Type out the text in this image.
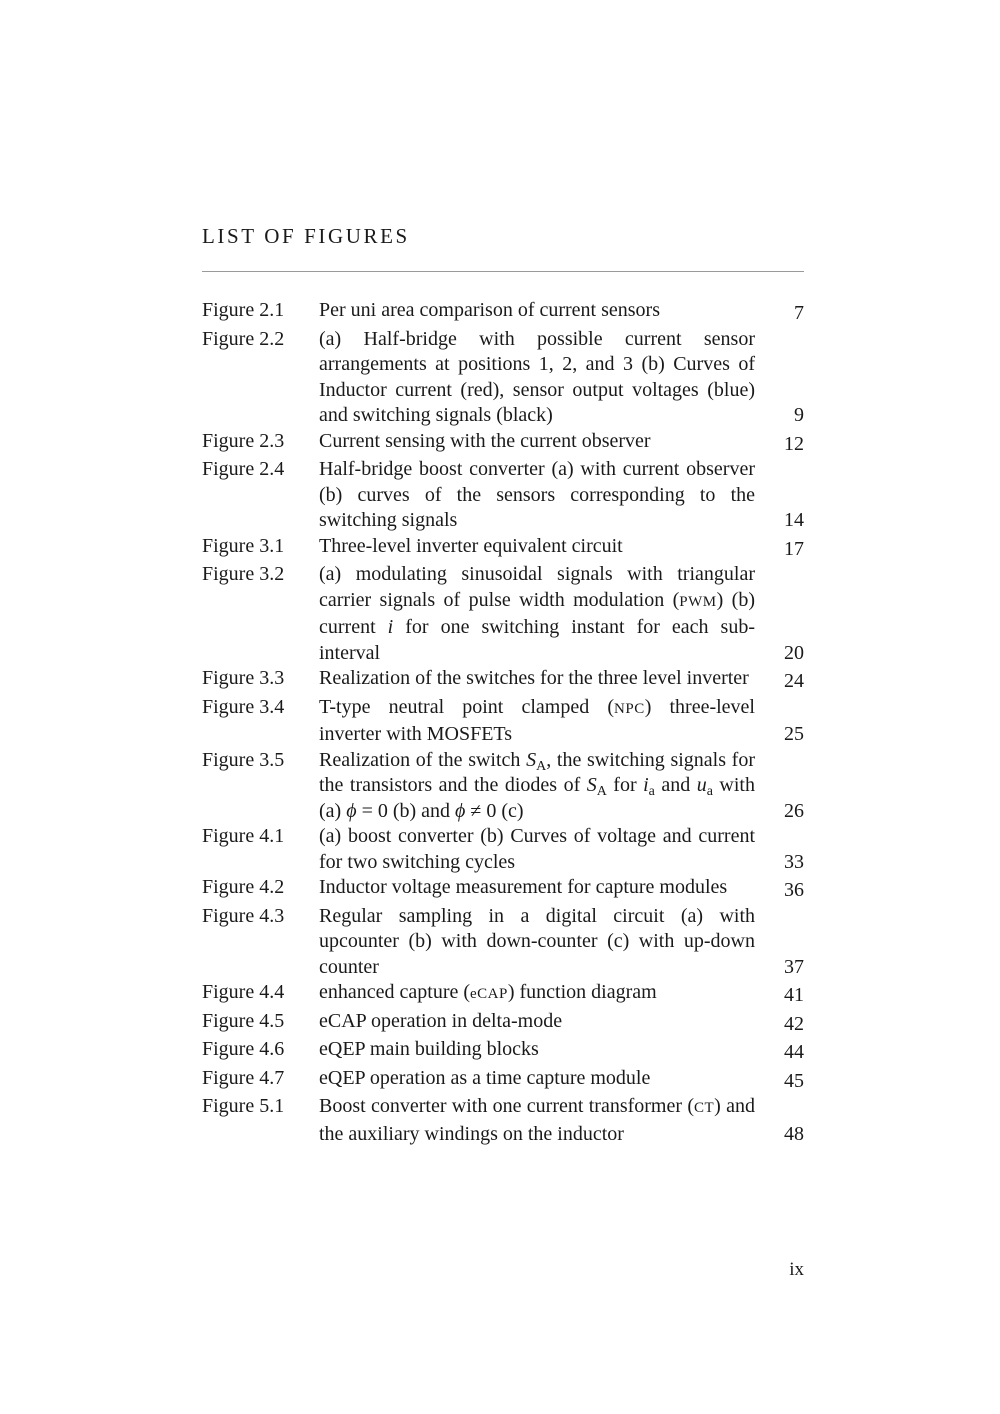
LIST OF FIGURES
Figure 2.1	Per uni area comparison of current sensors	7
Figure 2.2	(a) Half-bridge with possible current sensor arrangements at positions 1, 2, and 3 (b) Curves of Inductor current (red), sensor output voltages (blue) and switching signals (black)	9
Figure 2.3	Current sensing with the current observer	12
Figure 2.4	Half-bridge boost converter (a) with current observer (b) curves of the sensors corresponding to the switching signals	14
Figure 3.1	Three-level inverter equivalent circuit	17
Figure 3.2	(a) modulating sinusoidal signals with triangular carrier signals of pulse width modulation (PWM) (b) current i for one switching instant for each sub-interval	20
Figure 3.3	Realization of the switches for the three level inverter	24
Figure 3.4	T-type neutral point clamped (NPC) three-level inverter with MOSFETs	25
Figure 3.5	Realization of the switch $S_A$, the switching signals for the transistors and the diodes of $S_A$ for $i_a$ and $u_a$ with (a) ϕ = 0 (b) and ϕ ≠ 0 (c)	26
Figure 4.1	(a) boost converter (b) Curves of voltage and current for two switching cycles	33
Figure 4.2	Inductor voltage measurement for capture modules	36
Figure 4.3	Regular sampling in a digital circuit (a) with upcounter (b) with down-counter (c) with up-down counter	37
Figure 4.4	enhanced capture (eCAP) function diagram	41
Figure 4.5	eCAP operation in delta-mode	42
Figure 4.6	eQEP main building blocks	44
Figure 4.7	eQEP operation as a time capture module	45
Figure 5.1	Boost converter with one current transformer (CT) and the auxiliary windings on the inductor	48
ix
